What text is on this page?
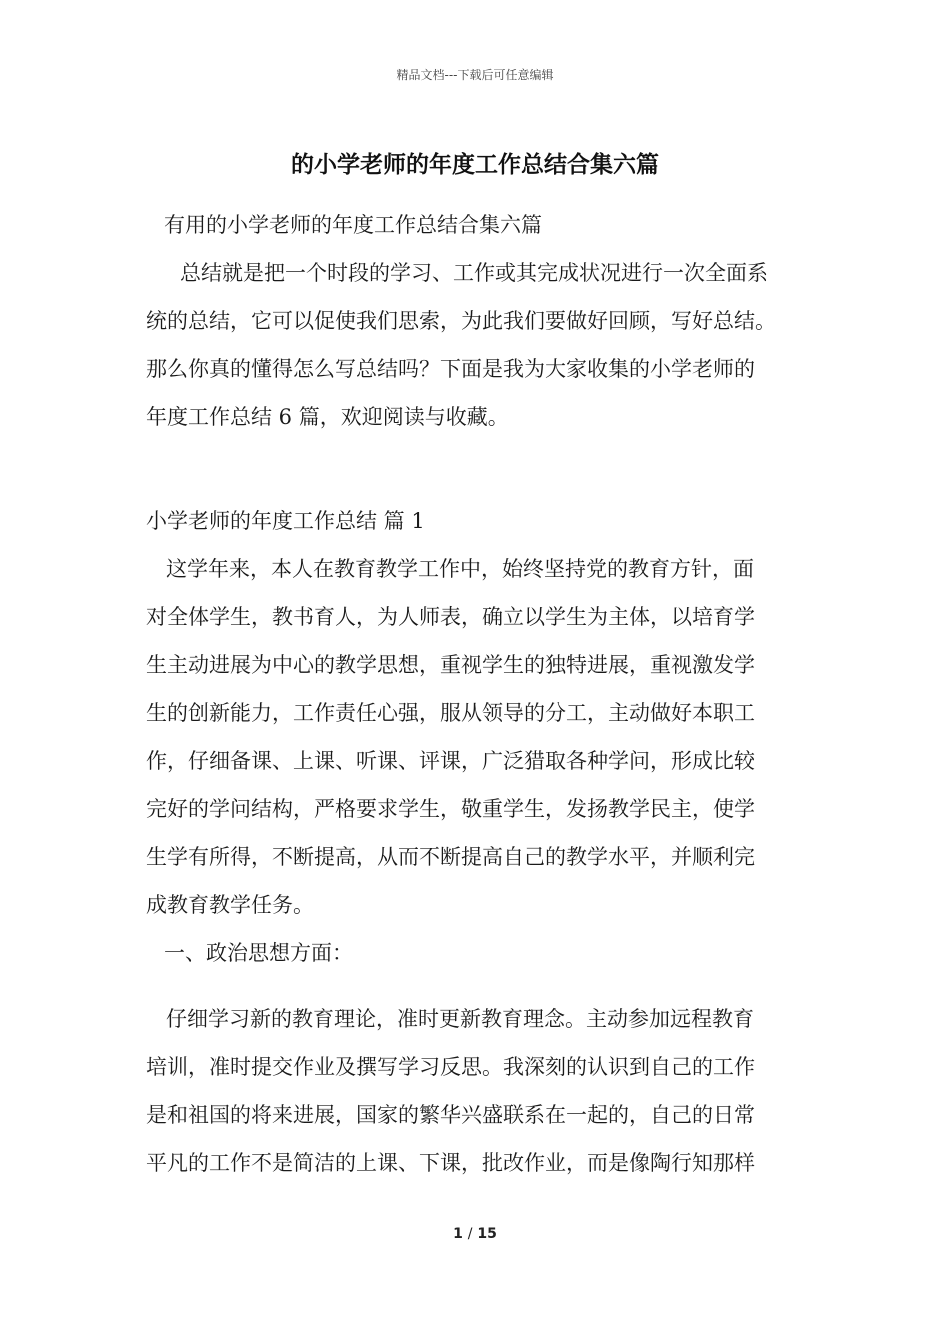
精品文档---下载后可任意编辑
的小学老师的年度工作总结合集六篇

有用的小学老师的年度工作总结合集六篇

总结就是把一个时段的学习、工作或其完成状况进行一次全面系

统的总结，它可以促使我们思索，为此我们要做好回顾，写好总结。

那么你真的懂得怎么写总结吗？下面是我为大家收集的小学老师的

年度工作总结 6 篇，欢迎阅读与收藏。

小学老师的年度工作总结 篇 1

这学年来，本人在教育教学工作中，始终坚持党的教育方针，面

对全体学生，教书育人，为人师表，确立以学生为主体，以培育学

生主动进展为中心的教学思想，重视学生的独特进展，重视激发学

生的创新能力，工作责任心强，服从领导的分工，主动做好本职工

作，仔细备课、上课、听课、评课，广泛猎取各种学问，形成比较

完好的学问结构，严格要求学生，敬重学生，发扬教学民主，使学

生学有所得，不断提高，从而不断提高自己的教学水平，并顺利完

成教育教学任务。

一、政治思想方面：

仔细学习新的教育理论，准时更新教育理念。主动参加远程教育

培训，准时提交作业及撰写学习反思。我深刻的认识到自己的工作

是和祖国的将来进展，国家的繁华兴盛联系在一起的，自己的日常

平凡的工作不是简洁的上课、下课，批改作业，而是像陶行知那样

1 / 15
